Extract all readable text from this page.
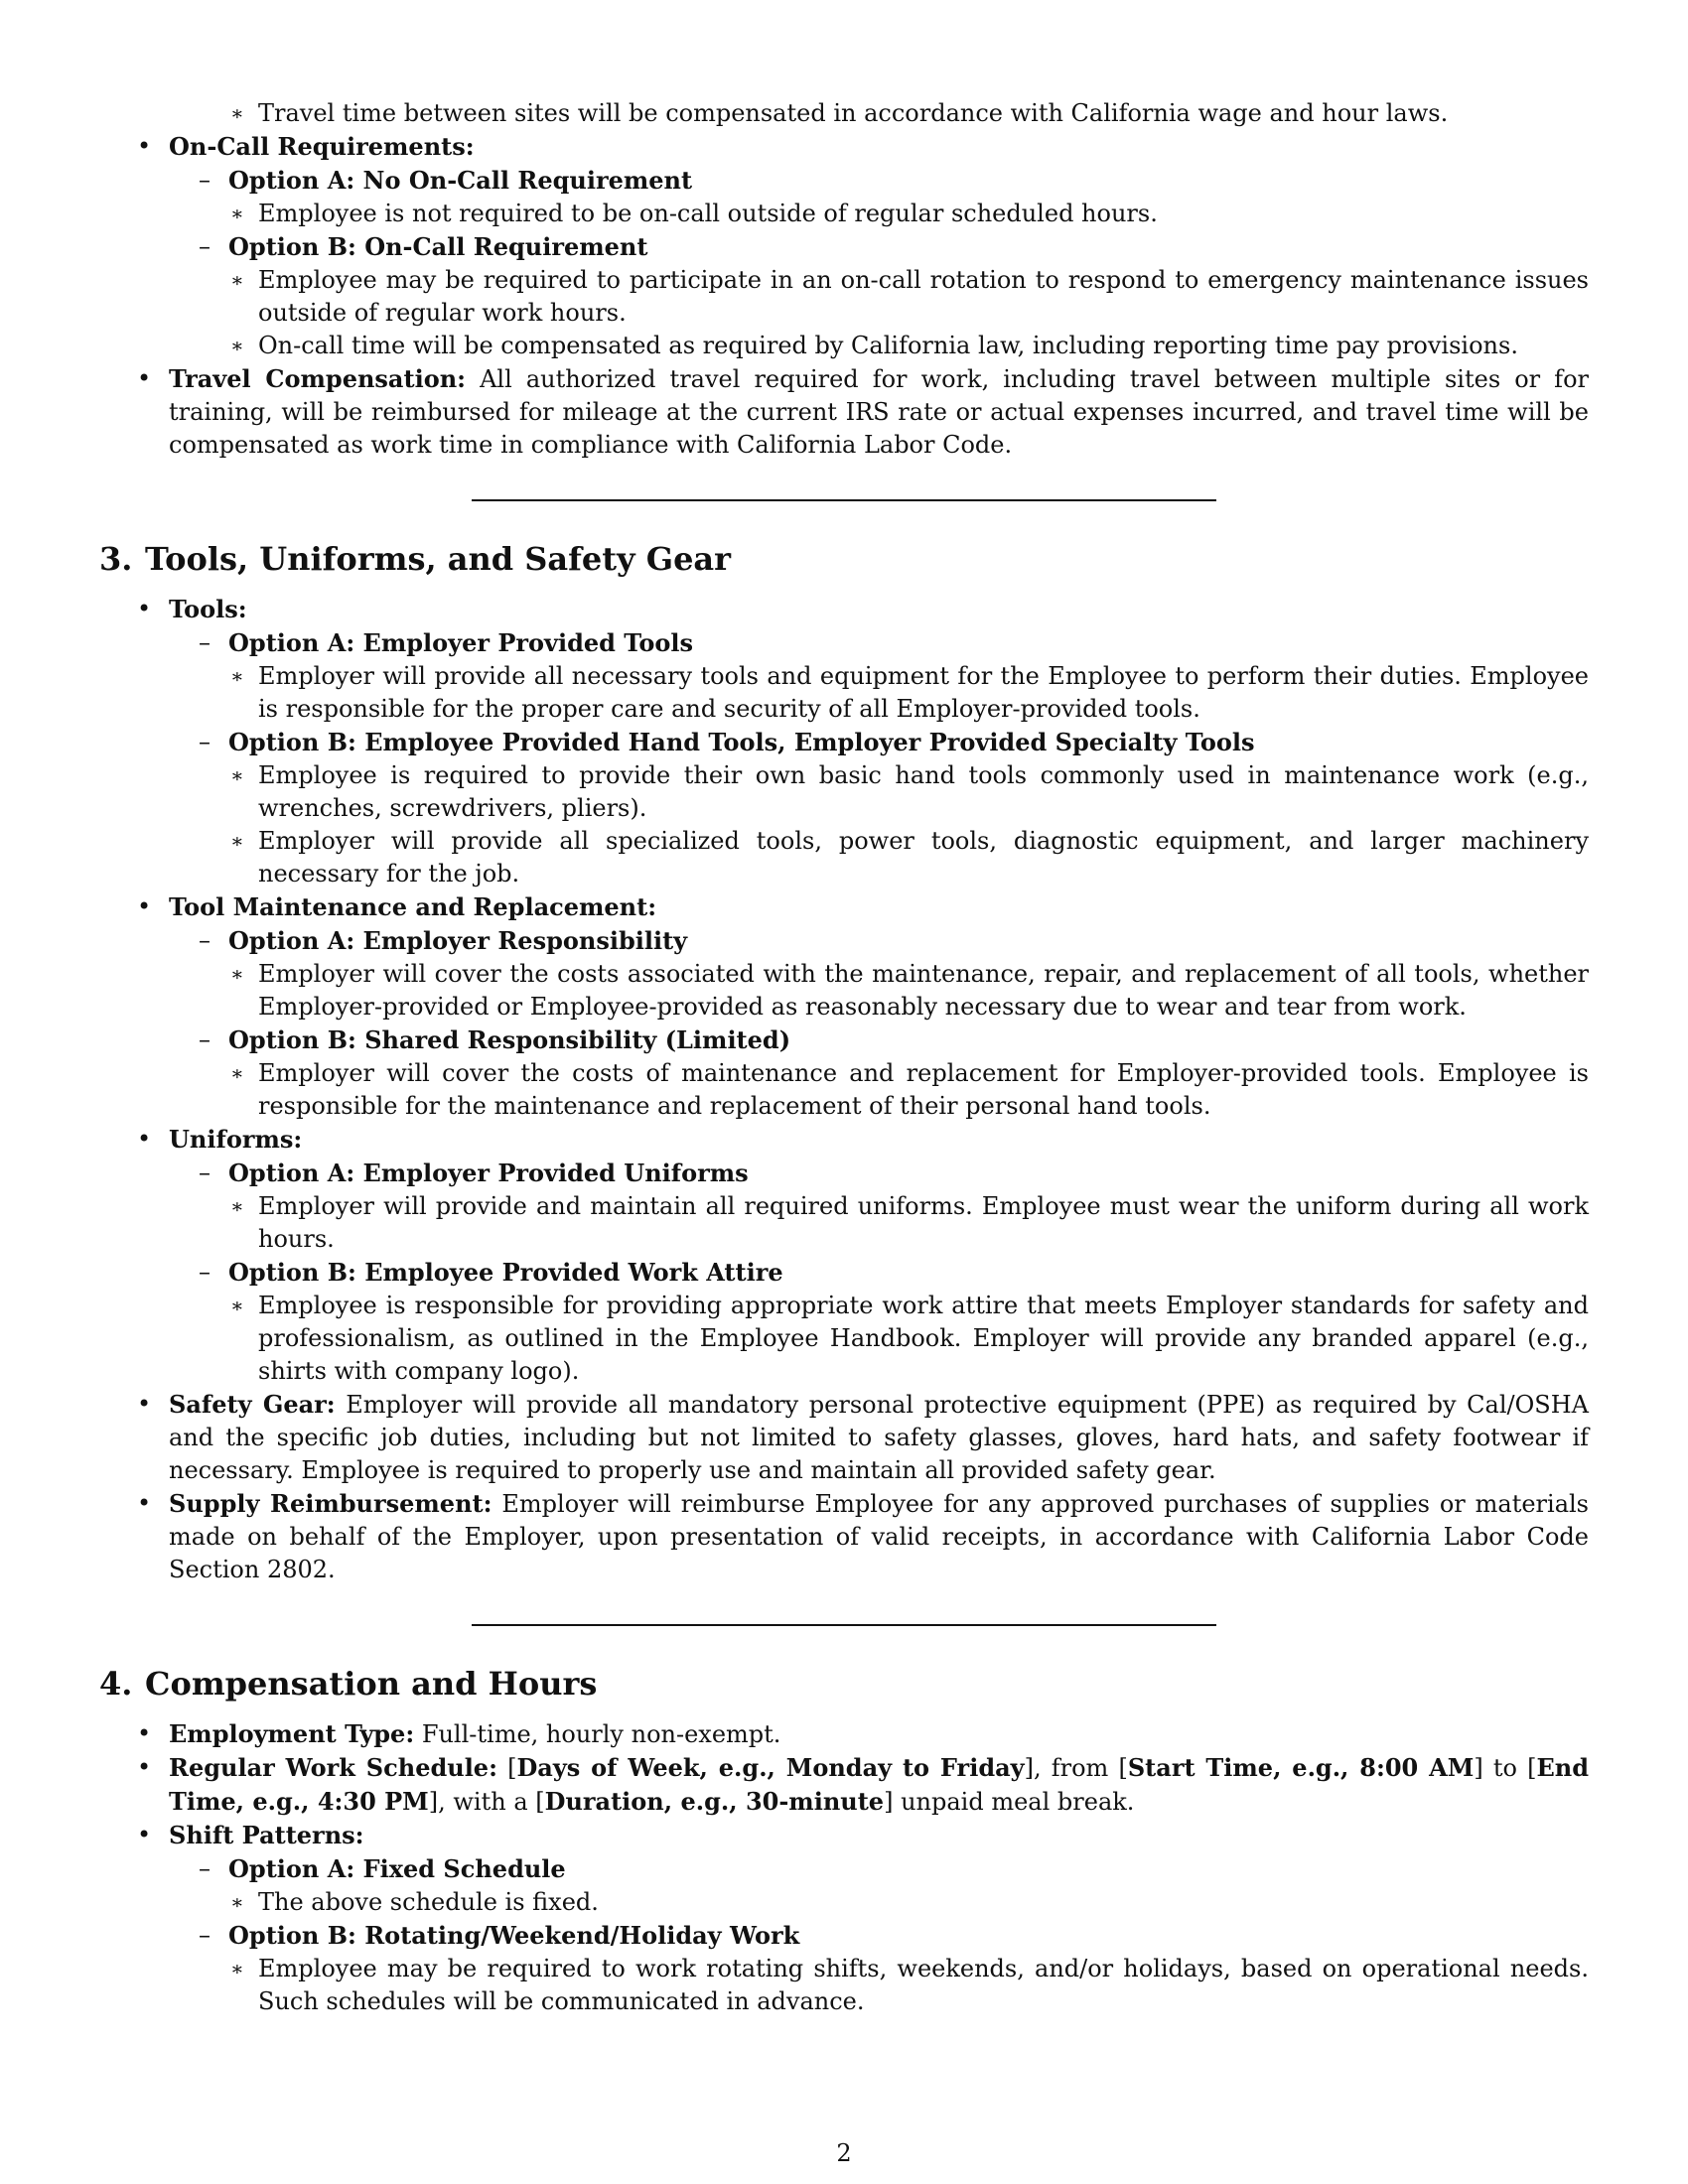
∗ Travel time between sites will be compensated in accordance with California wage and hour laws.
• On-Call Requirements:
– Option A: No On-Call Requirement
∗ Employee is not required to be on-call outside of regular scheduled hours.
– Option B: On-Call Requirement
∗ Employee may be required to participate in an on-call rotation to respond to emergency maintenance issues outside of regular work hours.
∗ On-call time will be compensated as required by California law, including reporting time pay provisions.
• Travel Compensation: All authorized travel required for work, including travel between multiple sites or for training, will be reimbursed for mileage at the current IRS rate or actual expenses incurred, and travel time will be compensated as work time in compliance with California Labor Code.
3. Tools, Uniforms, and Safety Gear
• Tools:
– Option A: Employer Provided Tools
∗ Employer will provide all necessary tools and equipment for the Employee to perform their duties. Employee is responsible for the proper care and security of all Employer-provided tools.
– Option B: Employee Provided Hand Tools, Employer Provided Specialty Tools
∗ Employee is required to provide their own basic hand tools commonly used in maintenance work (e.g., wrenches, screwdrivers, pliers).
∗ Employer will provide all specialized tools, power tools, diagnostic equipment, and larger machinery necessary for the job.
• Tool Maintenance and Replacement:
– Option A: Employer Responsibility
∗ Employer will cover the costs associated with the maintenance, repair, and replacement of all tools, whether Employer-provided or Employee-provided as reasonably necessary due to wear and tear from work.
– Option B: Shared Responsibility (Limited)
∗ Employer will cover the costs of maintenance and replacement for Employer-provided tools. Employee is responsible for the maintenance and replacement of their personal hand tools.
• Uniforms:
– Option A: Employer Provided Uniforms
∗ Employer will provide and maintain all required uniforms. Employee must wear the uniform during all work hours.
– Option B: Employee Provided Work Attire
∗ Employee is responsible for providing appropriate work attire that meets Employer standards for safety and professionalism, as outlined in the Employee Handbook. Employer will provide any branded apparel (e.g., shirts with company logo).
• Safety Gear: Employer will provide all mandatory personal protective equipment (PPE) as required by Cal/OSHA and the specific job duties, including but not limited to safety glasses, gloves, hard hats, and safety footwear if necessary. Employee is required to properly use and maintain all provided safety gear.
• Supply Reimbursement: Employer will reimburse Employee for any approved purchases of supplies or materials made on behalf of the Employer, upon presentation of valid receipts, in accordance with California Labor Code Section 2802.
4. Compensation and Hours
• Employment Type: Full-time, hourly non-exempt.
• Regular Work Schedule: [Days of Week, e.g., Monday to Friday], from [Start Time, e.g., 8:00 AM] to [End Time, e.g., 4:30 PM], with a [Duration, e.g., 30-minute] unpaid meal break.
• Shift Patterns:
– Option A: Fixed Schedule
∗ The above schedule is fixed.
– Option B: Rotating/Weekend/Holiday Work
∗ Employee may be required to work rotating shifts, weekends, and/or holidays, based on operational needs. Such schedules will be communicated in advance.
2
